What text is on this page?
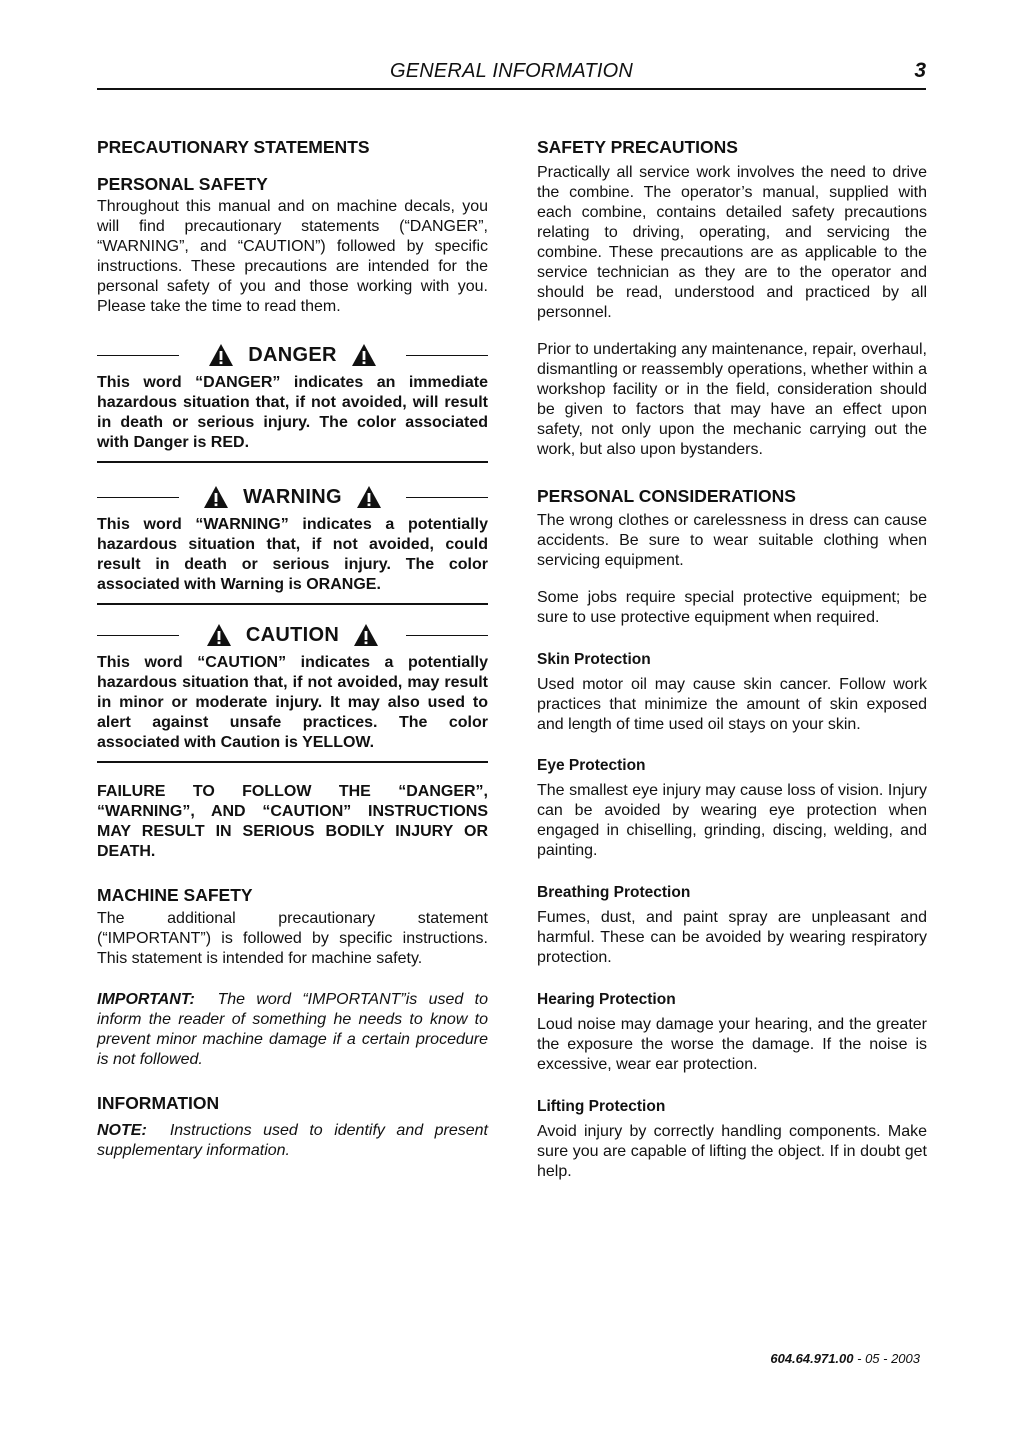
GENERAL INFORMATION	3
PRECAUTIONARY STATEMENTS
PERSONAL SAFETY

Throughout this manual and on machine decals, you will find precautionary statements (“DANGER”, “WARNING”, and “CAUTION”) followed by specific instructions. These precautions are intended for the personal safety of you and those working with you. Please take the time to read them.

DANGER
This word “DANGER” indicates an immediate hazardous situation that, if not avoided, will result in death or serious injury. The color associated with Danger is RED.
WARNING
This word “WARNING” indicates a potentially hazardous situation that, if not avoided, could result in death or serious injury. The color associated with Warning is ORANGE.
CAUTION
This word “CAUTION” indicates a potentially hazardous situation that, if not avoided, may result in minor or moderate injury. It may also used to alert against unsafe practices. The color associated with Caution is YELLOW.
FAILURE TO FOLLOW THE “DANGER”, “WARNING”, AND “CAUTION” INSTRUCTIONS MAY RESULT IN SERIOUS BODILY INJURY OR DEATH.
MACHINE SAFETY

The additional precautionary statement (“IMPORTANT”) is followed by specific instructions. This statement is intended for machine safety.

IMPORTANT: The word “IMPORTANT”is used to inform the reader of something he needs to know to prevent minor machine damage if a certain procedure is not followed.
INFORMATION
NOTE: Instructions used to identify and present supplementary information.
SAFETY PRECAUTIONS

Practically all service work involves the need to drive the combine. The operator’s manual, supplied with each combine, contains detailed safety precautions relating to driving, operating, and servicing the combine. These precautions are as applicable to the service technician as they are to the operator and should be read, understood and practiced by all personnel.

Prior to undertaking any maintenance, repair, overhaul, dismantling or reassembly operations, whether within a workshop facility or in the field, consideration should be given to factors that may have an effect upon safety, not only upon the mechanic carrying out the work, but also upon bystanders.

PERSONAL CONSIDERATIONS

The wrong clothes or carelessness in dress can cause accidents. Be sure to wear suitable clothing when servicing equipment.

Some jobs require special protective equipment; be sure to use protective equipment when required.

Skin Protection

Used motor oil may cause skin cancer. Follow work practices that minimize the amount of skin exposed and length of time used oil stays on your skin.

Eye Protection

The smallest eye injury may cause loss of vision. Injury can be avoided by wearing eye protection when engaged in chiselling, grinding, discing, welding, and painting.

Breathing Protection

Fumes, dust, and paint spray are unpleasant and harmful. These can be avoided by wearing respiratory protection.

Hearing Protection

Loud noise may damage your hearing, and the greater the exposure the worse the damage. If the noise is excessive, wear ear protection.

Lifting Protection

Avoid injury by correctly handling components. Make sure you are capable of lifting the object. If in doubt get help.

604.64.971.00 - 05 - 2003
